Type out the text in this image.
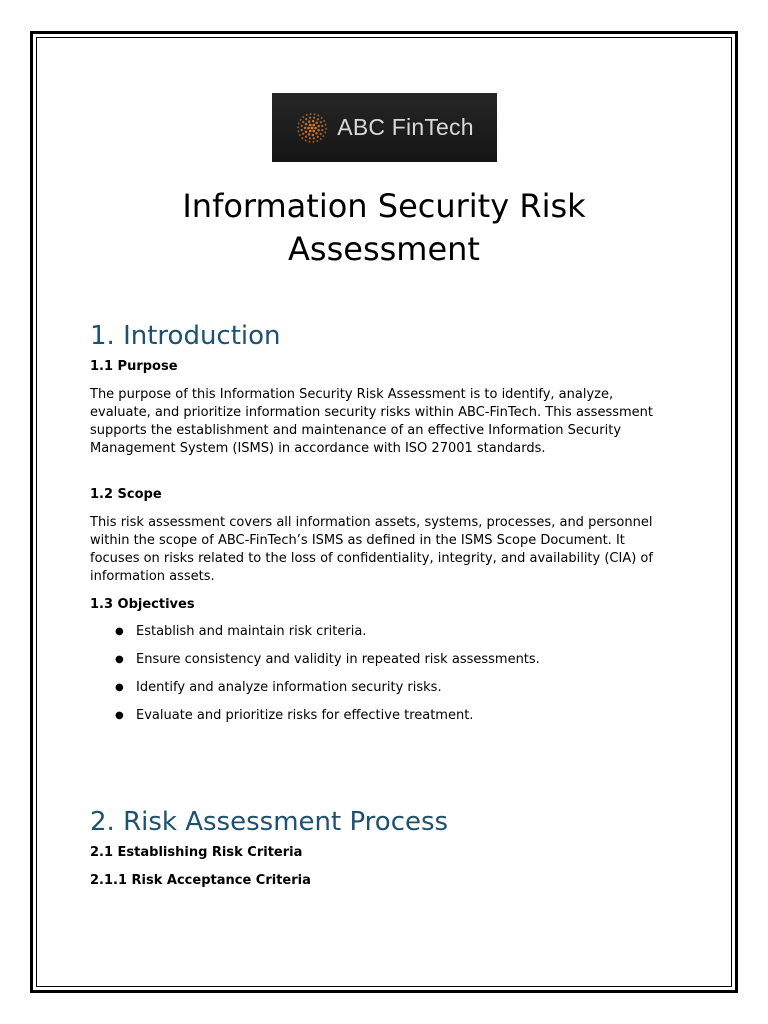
ABC FinTech
Information Security Risk Assessment
1. Introduction
1.1 Purpose

The purpose of this Information Security Risk Assessment is to identify, analyze, evaluate, and prioritize information security risks within ABC-FinTech. This assessment supports the establishment and maintenance of an effective Information Security Management System (ISMS) in accordance with ISO 27001 standards.

1.2 Scope

This risk assessment covers all information assets, systems, processes, and personnel within the scope of ABC-FinTech’s ISMS as defined in the ISMS Scope Document. It focuses on risks related to the loss of confidentiality, integrity, and availability (CIA) of information assets.

1.3 Objectives
● Establish and maintain risk criteria.
● Ensure consistency and validity in repeated risk assessments.
● Identify and analyze information security risks.
● Evaluate and prioritize risks for effective treatment.
2. Risk Assessment Process
2.1 Establishing Risk Criteria
2.1.1 Risk Acceptance Criteria
